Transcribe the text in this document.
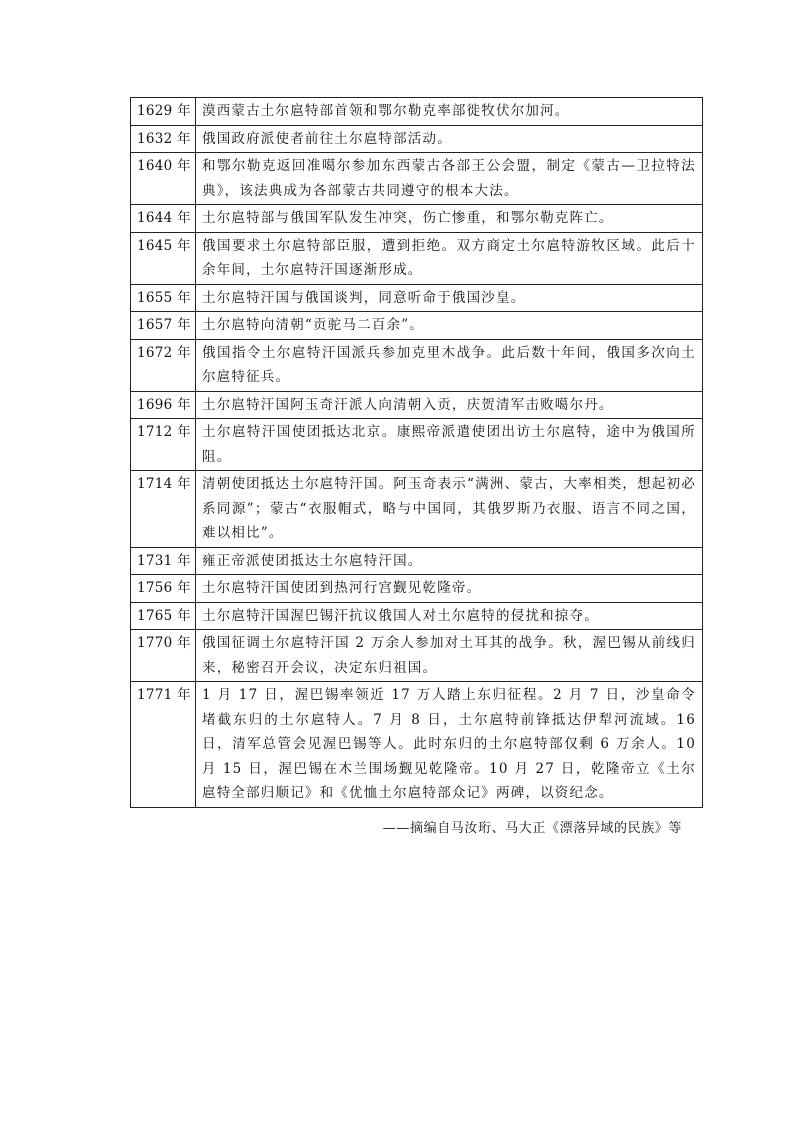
1629 年	漠西蒙古土尔扈特部首领和鄂尔勒克率部徙牧伏尔加河。
1632 年	俄国政府派使者前往土尔扈特部活动。
1640 年	和鄂尔勒克返回准噶尔参加东西蒙古各部王公会盟，制定《蒙古—卫拉特法典》，该法典成为各部蒙古共同遵守的根本大法。
1644 年	土尔扈特部与俄国军队发生冲突，伤亡惨重，和鄂尔勒克阵亡。
1645 年	俄国要求土尔扈特部臣服，遭到拒绝。双方商定土尔扈特游牧区域。此后十余年间，土尔扈特汗国逐渐形成。
1655 年	土尔扈特汗国与俄国谈判，同意听命于俄国沙皇。
1657 年	土尔扈特向清朝“贡驼马二百余”。
1672 年	俄国指令土尔扈特汗国派兵参加克里木战争。此后数十年间，俄国多次向土尔扈特征兵。
1696 年	土尔扈特汗国阿玉奇汗派人向清朝入贡，庆贺清军击败噶尔丹。
1712 年	土尔扈特汗国使团抵达北京。康熙帝派遣使团出访土尔扈特，途中为俄国所阻。
1714 年	清朝使团抵达土尔扈特汗国。阿玉奇表示“满洲、蒙古，大率相类，想起初必系同源”；蒙古“衣服帽式，略与中国同，其俄罗斯乃衣服、语言不同之国，难以相比”。
1731 年	雍正帝派使团抵达土尔扈特汗国。
1756 年	土尔扈特汗国使团到热河行宫觐见乾隆帝。
1765 年	土尔扈特汗国渥巴锡汗抗议俄国人对土尔扈特的侵扰和掠夺。
1770 年	俄国征调土尔扈特汗国 2 万余人参加对土耳其的战争。秋，渥巴锡从前线归来，秘密召开会议，决定东归祖国。
1771 年	1 月 17 日，渥巴锡率领近 17 万人踏上东归征程。2 月 7 日，沙皇命令堵截东归的土尔扈特人。7 月 8 日，土尔扈特前锋抵达伊犁河流域。16 日，清军总管会见渥巴锡等人。此时东归的土尔扈特部仅剩 6 万余人。10 月 15 日，渥巴锡在木兰围场觐见乾隆帝。10 月 27 日，乾隆帝立《土尔扈特全部归顺记》和《优恤土尔扈特部众记》两碑，以资纪念。
——摘编自马汝珩、马大正《漂落异域的民族》等
